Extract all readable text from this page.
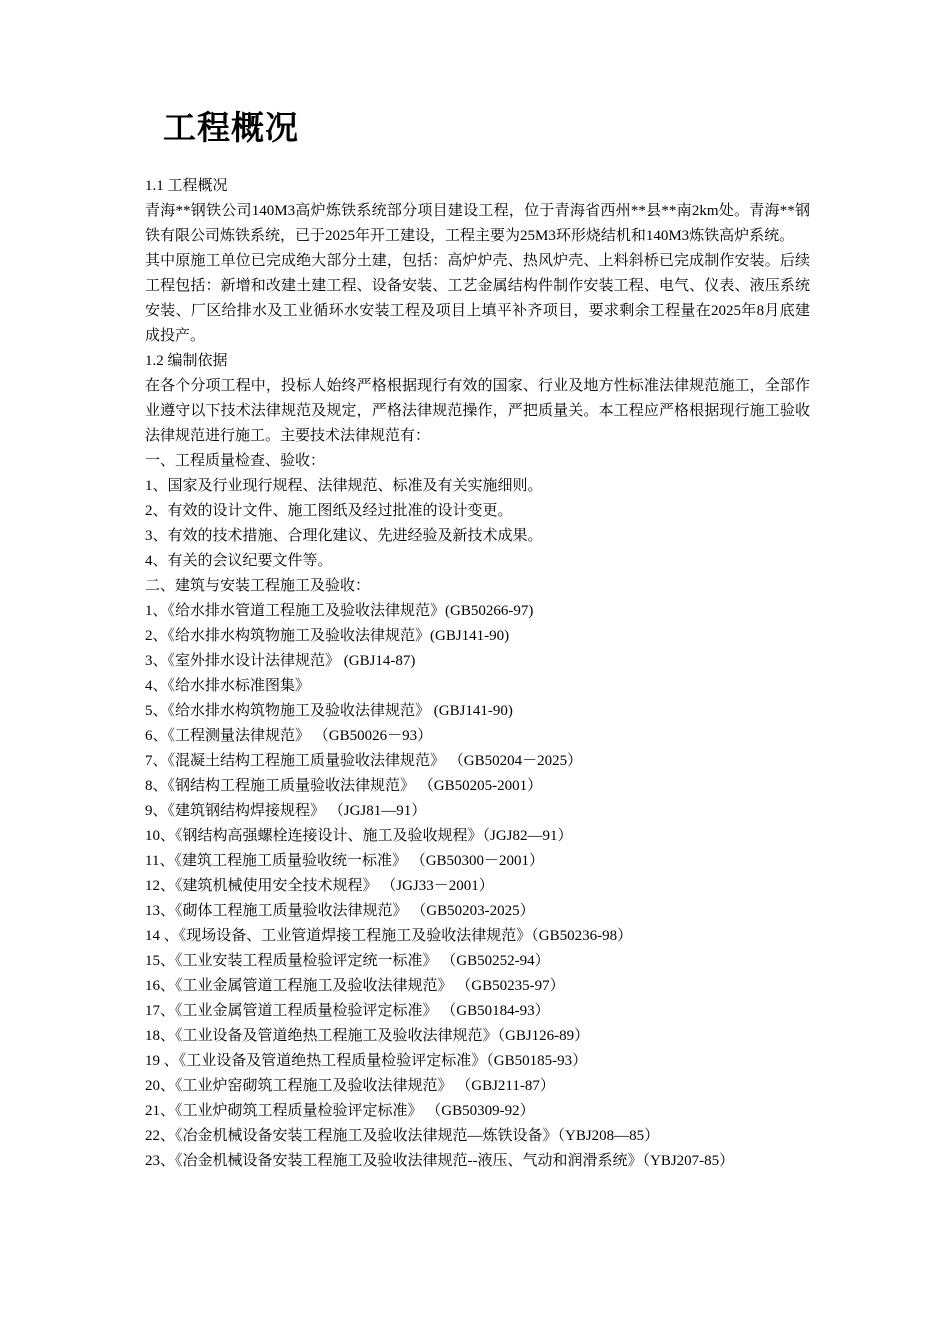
工程概况

1.1 工程概况

青海**钢铁公司140M3高炉炼铁系统部分项目建设工程，位于青海省西州**县**南2km处。青海**钢铁有限公司炼铁系统，已于2025年开工建设，工程主要为25M3环形烧结机和140M3炼铁高炉系统。

其中原施工单位已完成绝大部分土建，包括：高炉炉壳、热风炉壳、上料斜桥已完成制作安装。后续工程包括：新增和改建土建工程、设备安装、工艺金属结构件制作安装工程、电气、仪表、液压系统安装、厂区给排水及工业循环水安装工程及项目上填平补齐项目，要求剩余工程量在2025年8月底建成投产。

1.2 编制依据

在各个分项工程中，投标人始终严格根据现行有效的国家、行业及地方性标准法律规范施工，全部作业遵守以下技术法律规范及规定，严格法律规范操作，严把质量关。本工程应严格根据现行施工验收法律规范进行施工。主要技术法律规范有：

一、工程质量检查、验收：

1、国家及行业现行规程、法律规范、标准及有关实施细则。

2、有效的设计文件、施工图纸及经过批准的设计变更。

3、有效的技术措施、合理化建议、先进经验及新技术成果。

4、有关的会议纪要文件等。

二、建筑与安装工程施工及验收：

1、《给水排水管道工程施工及验收法律规范》(GB50266-97)

2、《给水排水构筑物施工及验收法律规范》(GBJ141-90)

3、《室外排水设计法律规范》 (GBJ14-87)

4、《给水排水标准图集》

5、《给水排水构筑物施工及验收法律规范》 (GBJ141-90)

6、《工程测量法律规范》 （GB50026－93）

7、《混凝土结构工程施工质量验收法律规范》 （GB50204－2025）

8、《钢结构工程施工质量验收法律规范》 （GB50205-2001）

9、《建筑钢结构焊接规程》 （JGJ81—91）

10、《钢结构高强螺栓连接设计、施工及验收规程》（JGJ82—91）

11、《建筑工程施工质量验收统一标准》 （GB50300－2001）

12、《建筑机械使用安全技术规程》 （JGJ33－2001）

13、《砌体工程施工质量验收法律规范》 （GB50203-2025）

14 、《现场设备、工业管道焊接工程施工及验收法律规范》（GB50236-98）

15、《工业安装工程质量检验评定统一标准》 （GB50252-94）

16、《工业金属管道工程施工及验收法律规范》 （GB50235-97）

17、《工业金属管道工程质量检验评定标准》 （GB50184-93）

18、《工业设备及管道绝热工程施工及验收法律规范》（GBJ126-89）

19 、《工业设备及管道绝热工程质量检验评定标准》（GB50185-93）

20、《工业炉窑砌筑工程施工及验收法律规范》 （GBJ211-87）

21、《工业炉砌筑工程质量检验评定标准》 （GB50309-92）

22、《冶金机械设备安装工程施工及验收法律规范—炼铁设备》（YBJ208—85）

23、《冶金机械设备安装工程施工及验收法律规范--液压、气动和润滑系统》（YBJ207-85）
